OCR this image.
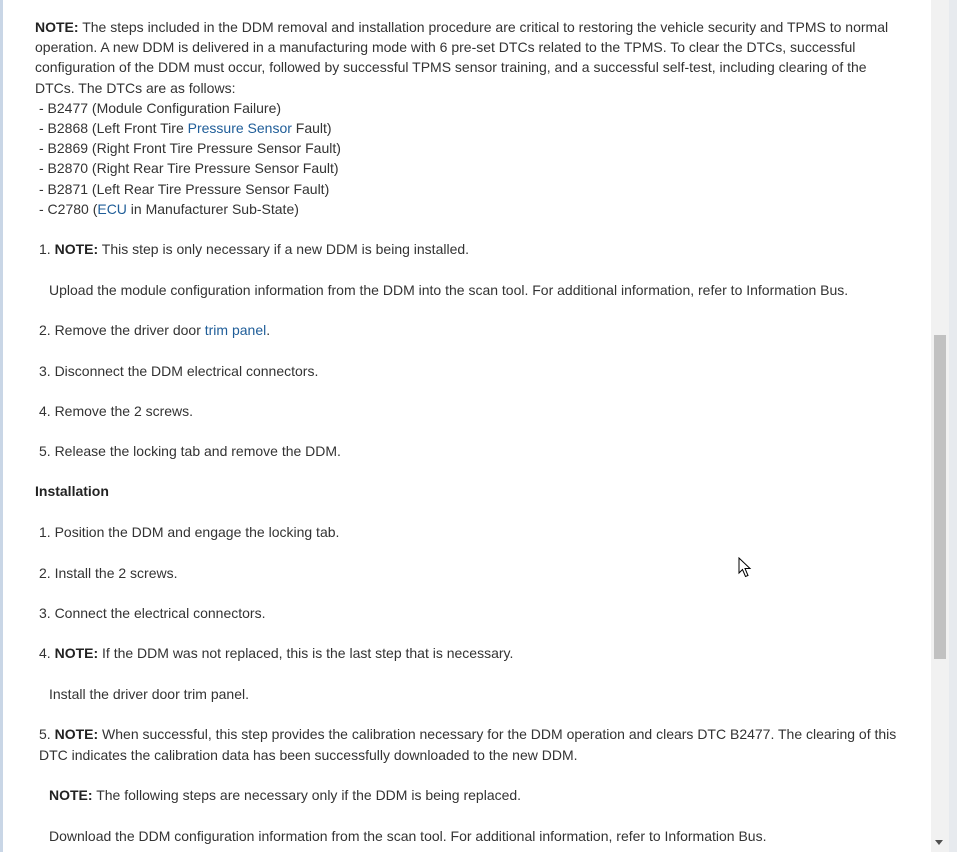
NOTE: The steps included in the DDM removal and installation procedure are critical to restoring the vehicle security and TPMS to normal operation. A new DDM is delivered in a manufacturing mode with 6 pre-set DTCs related to the TPMS. To clear the DTCs, successful configuration of the DDM must occur, followed by successful TPMS sensor training, and a successful self-test, including clearing of the DTCs. The DTCs are as follows:

- B2477 (Module Configuration Failure)

- B2868 (Left Front Tire Pressure Sensor Fault)

- B2869 (Right Front Tire Pressure Sensor Fault)

- B2870 (Right Rear Tire Pressure Sensor Fault)

- B2871 (Left Rear Tire Pressure Sensor Fault)

- C2780 (ECU in Manufacturer Sub-State)

1. NOTE: This step is only necessary if a new DDM is being installed.

Upload the module configuration information from the DDM into the scan tool. For additional information, refer to Information Bus.

2. Remove the driver door trim panel.

3. Disconnect the DDM electrical connectors.

4. Remove the 2 screws.

5. Release the locking tab and remove the DDM.

Installation

1. Position the DDM and engage the locking tab.

2. Install the 2 screws.

3. Connect the electrical connectors.

4. NOTE: If the DDM was not replaced, this is the last step that is necessary.

Install the driver door trim panel.

5. NOTE: When successful, this step provides the calibration necessary for the DDM operation and clears DTC B2477. The clearing of this DTC indicates the calibration data has been successfully downloaded to the new DDM.

NOTE: The following steps are necessary only if the DDM is being replaced.

Download the DDM configuration information from the scan tool. For additional information, refer to Information Bus.
